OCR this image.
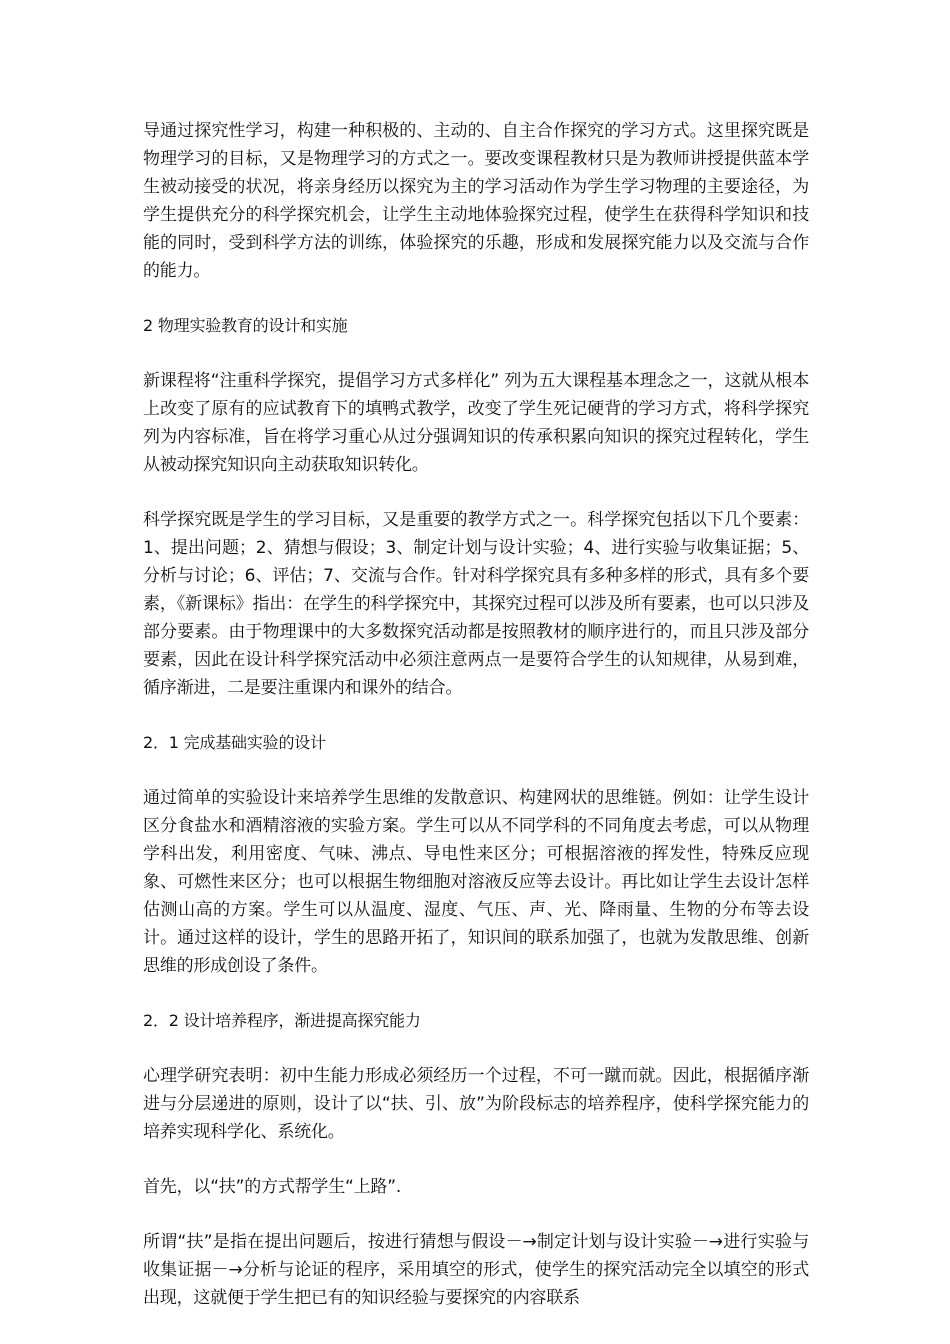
导通过探究性学习，构建一种积极的、主动的、自主合作探究的学习方式。这里探究既是物理学习的目标，又是物理学习的方式之一。要改变课程教材只是为教师讲授提供蓝本学生被动接受的状况，将亲身经历以探究为主的学习活动作为学生学习物理的主要途径，为学生提供充分的科学探究机会，让学生主动地体验探究过程，使学生在获得科学知识和技能的同时，受到科学方法的训练，体验探究的乐趣，形成和发展探究能力以及交流与合作的能力。

2 物理实验教育的设计和实施

新课程将“注重科学探究，提倡学习方式多样化” 列为五大课程基本理念之一，这就从根本上改变了原有的应试教育下的填鸭式教学，改变了学生死记硬背的学习方式，将科学探究列为内容标准，旨在将学习重心从过分强调知识的传承积累向知识的探究过程转化，学生从被动探究知识向主动获取知识转化。

科学探究既是学生的学习目标，又是重要的教学方式之一。科学探究包括以下几个要素：1、提出问题；2、猜想与假设；3、制定计划与设计实验；4、进行实验与收集证据；5、分析与讨论；6、评估；7、交流与合作。针对科学探究具有多种多样的形式，具有多个要素，《新课标》指出：在学生的科学探究中，其探究过程可以涉及所有要素，也可以只涉及部分要素。由于物理课中的大多数探究活动都是按照教材的顺序进行的，而且只涉及部分要素，因此在设计科学探究活动中必须注意两点一是要符合学生的认知规律，从易到难，循序渐进，二是要注重课内和课外的结合。

2．1 完成基础实验的设计

通过简单的实验设计来培养学生思维的发散意识、构建网状的思维链。例如：让学生设计区分食盐水和酒精溶液的实验方案。学生可以从不同学科的不同角度去考虑，可以从物理学科出发，利用密度、气味、沸点、导电性来区分；可根据溶液的挥发性，特殊反应现象、可燃性来区分；也可以根据生物细胞对溶液反应等去设计。再比如让学生去设计怎样估测山高的方案。学生可以从温度、湿度、气压、声、光、降雨量、生物的分布等去设计。通过这样的设计，学生的思路开拓了，知识间的联系加强了，也就为发散思维、创新思维的形成创设了条件。

2．2 设计培养程序，渐进提高探究能力

心理学研究表明：初中生能力形成必须经历一个过程，不可一蹴而就。因此，根据循序渐进与分层递进的原则，设计了以“扶、引、放”为阶段标志的培养程序，使科学探究能力的培养实现科学化、系统化。

首先，以“扶”的方式帮学生“上路”.

所谓“扶”是指在提出问题后，按进行猜想与假设－→制定计划与设计实验－→进行实验与收集证据－→分析与论证的程序，采用填空的形式，使学生的探究活动完全以填空的形式出现，这就便于学生把已有的知识经验与要探究的内容联系
